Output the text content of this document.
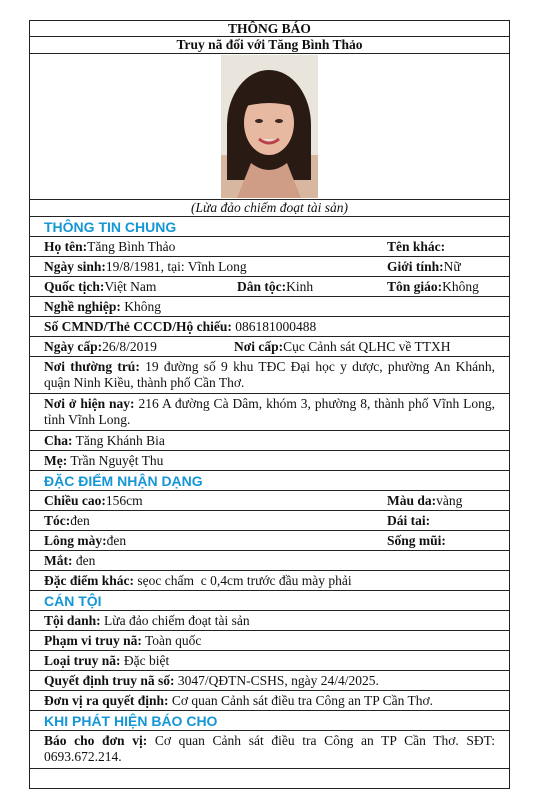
THÔNG BÁO
Truy nã đối với Tăng Bình Thảo
(Lừa đảo chiếm đoạt tài sản)
THÔNG TIN CHUNG
Họ tên: Tăng Bình Thảo	Tên khác:
Ngày sinh: 19/8/1981, tại: Vĩnh Long	Giới tính: Nữ
Quốc tịch: Việt Nam	Dân tộc: Kinh	Tôn giáo: Không
Nghề nghiệp: Không
Số CMND/Thẻ CCCD/Hộ chiếu: 086181000488
Ngày cấp: 26/8/2019	Nơi cấp: Cục Cảnh sát QLHC về TTXH
Nơi thường trú: 19 đường số 9 khu TĐC Đại học y dược, phường An Khánh, quận Ninh Kiều, thành phố Cần Thơ.
Nơi ở hiện nay: 216 A đường Cà Dâm, khóm 3, phường 8, thành phố Vĩnh Long, tỉnh Vĩnh Long.
Cha: Tăng Khánh Bia
Mẹ: Trần Nguyệt Thu
ĐẶC ĐIỂM NHẬN DẠNG
Chiều cao: 156cm	Màu da: vàng
Tóc: đen	Dái tai:
Lông mày: đen	Sống mũi:
Mắt: đen
Đặc điểm khác: sẹoc chấm  c 0,4cm trước đầu mày phải
CÁN TỘI
Tội danh: Lừa đảo chiếm đoạt tài sản
Phạm vi truy nã: Toàn quốc
Loại truy nã: Đặc biệt
Quyết định truy nã số: 3047/QĐTN-CSHS, ngày 24/4/2025.
Đơn vị ra quyết định: Cơ quan Cảnh sát điều tra Công an TP Cần Thơ.
KHI PHÁT HIỆN BÁO CHO
Báo cho đơn vị: Cơ quan Cảnh sát điều tra Công an TP Cần Thơ. SĐT: 0693.672.214.
